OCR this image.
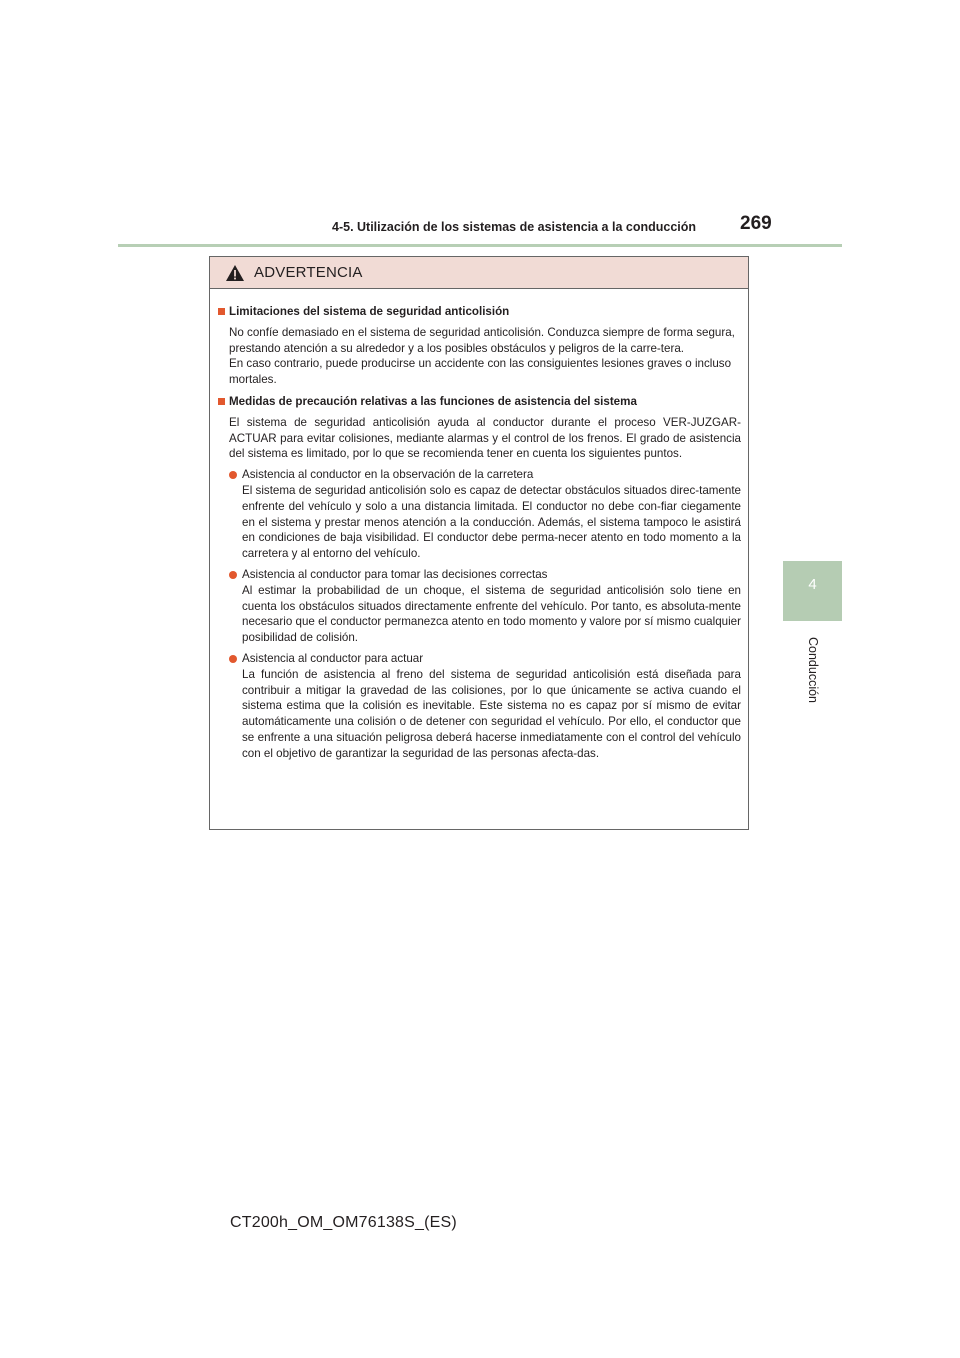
4-5. Utilización de los sistemas de asistencia a la conducción 269
4
Conducción
ADVERTENCIA
Limitaciones del sistema de seguridad anticolisión
No confíe demasiado en el sistema de seguridad anticolisión. Conduzca siempre de forma segura, prestando atención a su alrededor y a los posibles obstáculos y peligros de la carre-tera.
En caso contrario, puede producirse un accidente con las consiguientes lesiones graves o incluso mortales.
Medidas de precaución relativas a las funciones de asistencia del sistema
El sistema de seguridad anticolisión ayuda al conductor durante el proceso VER-JUZGAR-ACTUAR para evitar colisiones, mediante alarmas y el control de los frenos. El grado de asistencia del sistema es limitado, por lo que se recomienda tener en cuenta los siguientes puntos.
Asistencia al conductor en la observación de la carretera
El sistema de seguridad anticolisión solo es capaz de detectar obstáculos situados direc-tamente enfrente del vehículo y solo a una distancia limitada. El conductor no debe con-fiar ciegamente en el sistema y prestar menos atención a la conducción. Además, el sistema tampoco le asistirá en condiciones de baja visibilidad. El conductor debe perma-necer atento en todo momento a la carretera y al entorno del vehículo.
Asistencia al conductor para tomar las decisiones correctas
Al estimar la probabilidad de un choque, el sistema de seguridad anticolisión solo tiene en cuenta los obstáculos situados directamente enfrente del vehículo. Por tanto, es absoluta-mente necesario que el conductor permanezca atento en todo momento y valore por sí mismo cualquier posibilidad de colisión.
Asistencia al conductor para actuar
La función de asistencia al freno del sistema de seguridad anticolisión está diseñada para contribuir a mitigar la gravedad de las colisiones, por lo que únicamente se activa cuando el sistema estima que la colisión es inevitable. Este sistema no es capaz por sí mismo de evitar automáticamente una colisión o de detener con seguridad el vehículo. Por ello, el conductor que se enfrente a una situación peligrosa deberá hacerse inmediatamente con el control del vehículo con el objetivo de garantizar la seguridad de las personas afecta-das.
CT200h_OM_OM76138S_(ES)
